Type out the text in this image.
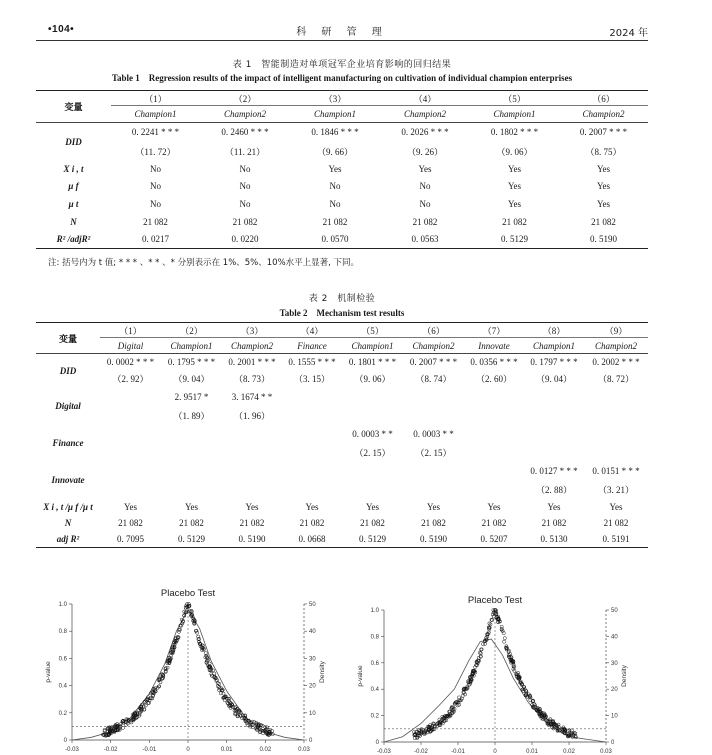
•104•	科 研 管 理	2024 年
表 1　智能制造对单项冠军企业培育影响的回归结果
Table 1　Regression results of the impact of intelligent manufacturing on cultivation of individual champion enterprises
变量	（1）	（2）	（3）	（4）	（5）	（6）
	Champion1	Champion2	Champion1	Champion2	Champion1	Champion2
DID	0. 2241 * * *	0. 2460 * * *	0. 1846 * * *	0. 2026 * * *	0. 1802 * * *	0. 2007 * * *
	（11. 72）	（11. 21）	（9. 66）	（9. 26）	（9. 06）	（8. 75）
X i , t	No	No	Yes	Yes	Yes	Yes
μ f	No	No	No	No	Yes	Yes
μ t	No	No	No	No	Yes	Yes
N	21 082	21 082	21 082	21 082	21 082	21 082
R² /adjR²	0. 0217	0. 0220	0. 0570	0. 0563	0. 5129	0. 5190
注: 括号内为 t 值; * * * 、* * 、* 分别表示在 1%、5%、10%水平上显著, 下同。
表 2　机制检验
Table 2　Mechanism test results
变量	（1）	（2）	（3）	（4）	（5）	（6）	（7）	（8）	（9）
	Digital	Champion1	Champion2	Finance	Champion1	Champion2	Innovate	Champion1	Champion2
DID	0. 0002 * * *	0. 1795 * * *	0. 2001 * * *	0. 1555 * * *	0. 1801 * * *	0. 2007 * * *	0. 0356 * * *	0. 1797 * * *	0. 2002 * * *
	（2. 92）	（9. 04）	（8. 73）	（3. 15）	（9. 06）	（8. 74）	（2. 60）	（9. 04）	（8. 72）
Digital		2. 9517 *	3. 1674 * *						
		（1. 89）	（1. 96）						
Finance					0. 0003 * *	0. 0003 * *			
					（2. 15）	（2. 15）			
Innovate								0. 0127 * * *	0. 0151 * * *
								（2. 88）	（3. 21）
X i , t /μ f /μ t	Yes	Yes	Yes	Yes	Yes	Yes	Yes	Yes	Yes
N	21 082	21 082	21 082	21 082	21 082	21 082	21 082	21 082	21 082
adj R²	0. 7095	0. 5129	0. 5190	0. 0668	0. 5129	0. 5190	0. 5207	0. 5130	0. 5191
Placebo Test
0
0.2
0.4
0.6
0.8
1.0
0
10
20
30
40
50
-0.03	-0.02	-0.01	0	0.01	0.02	0.03
p-value	Density
Placebo Test
0
0.2
0.4
0.6
0.8
1.0
0
10
20
30
40
50
-0.03	-0.02	-0.01	0	0.01	0.02	0.03
p-value	Density
